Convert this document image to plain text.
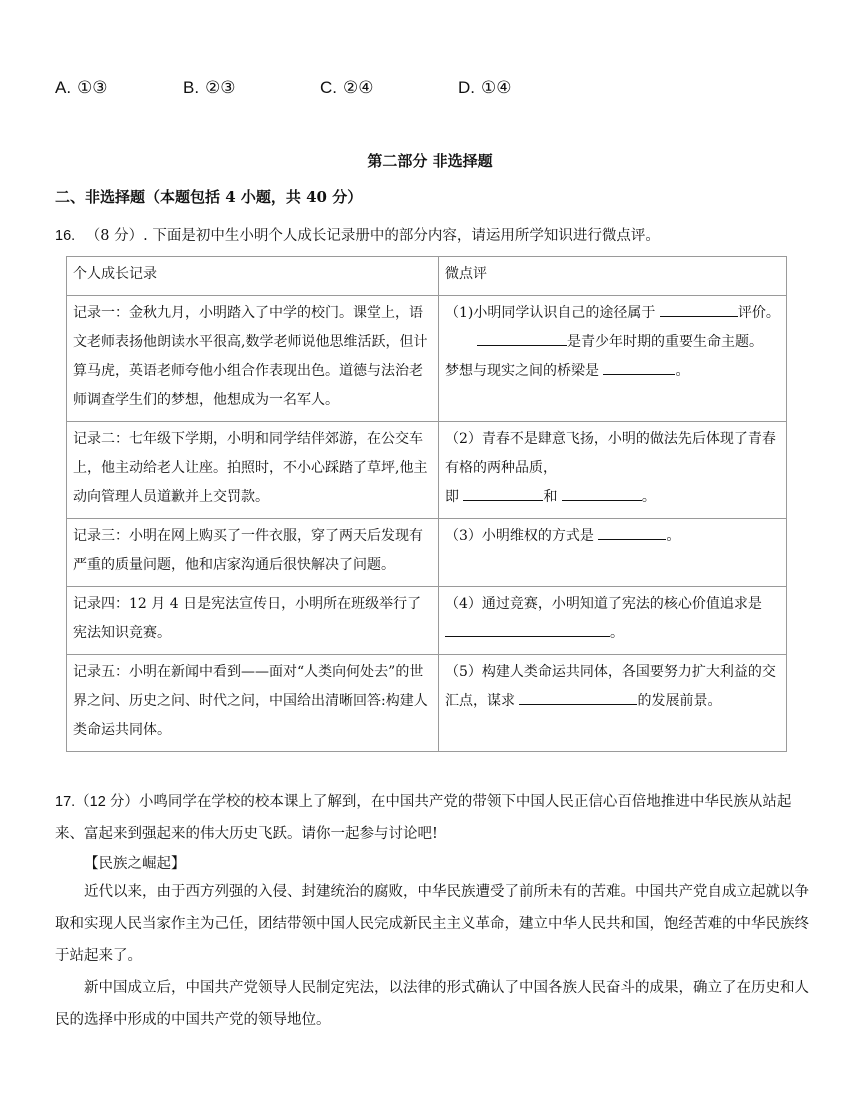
A. ①③	B. ②③	C. ②④	D. ①④
第二部分 非选择题
二、非选择题（本题包括 4 小题，共 40 分）
16. （8 分）. 下面是初中生小明个人成长记录册中的部分内容，请运用所学知识进行微点评。
个人成长记录	微点评
记录一：金秋九月，小明踏入了中学的校门。课堂上，语文老师表扬他朗读水平很高,数学老师说他思维活跃，但计算马虎，英语老师夸他小组合作表现出色。道德与法治老师调查学生们的梦想，他想成为一名军人。	（1)小明同学认识自己的途径属于 评价。
是青少年时期的重要生命主题。
梦想与现实之间的桥梁是 。

记录二：七年级下学期，小明和同学结伴郊游，在公交车上，他主动给老人让座。拍照时，不小心踩踏了草坪,他主动向管理人员道歉并上交罚款。	（2）青春不是肆意飞扬，小明的做法先后体现了青春有格的两种品质，
即 和 。

记录三：小明在网上购买了一件衣服，穿了两天后发现有严重的质量问题，他和店家沟通后很快解决了问题。	（3）小明维权的方式是 。

记录四：12 月 4 日是宪法宣传日，小明所在班级举行了宪法知识竞赛。	（4）通过竞赛，小明知道了宪法的核心价值追求是 。
记录五：小明在新闻中看到——面对“人类向何处去”的世界之问、历史之问、时代之问，中国给出清晰回答:构建人类命运共同体。	（5）构建人类命运共同体，各国要努力扩大利益的交汇点，谋求 的发展前景。
17.（12 分）小鸣同学在学校的校本课上了解到，在中国共产党的带领下中国人民正信心百倍地推进中华民族从站起来、富起来到强起来的伟大历史飞跃。请你一起参与讨论吧!
【民族之崛起】
近代以来，由于西方列强的入侵、封建统治的腐败，中华民族遭受了前所未有的苦难。中国共产党自成立起就以争取和实现人民当家作主为己任，团结带领中国人民完成新民主主义革命，建立中华人民共和国，饱经苦难的中华民族终于站起来了。
新中国成立后，中国共产党领导人民制定宪法，以法律的形式确认了中国各族人民奋斗的成果，确立了在历史和人民的选择中形成的中国共产党的领导地位。
